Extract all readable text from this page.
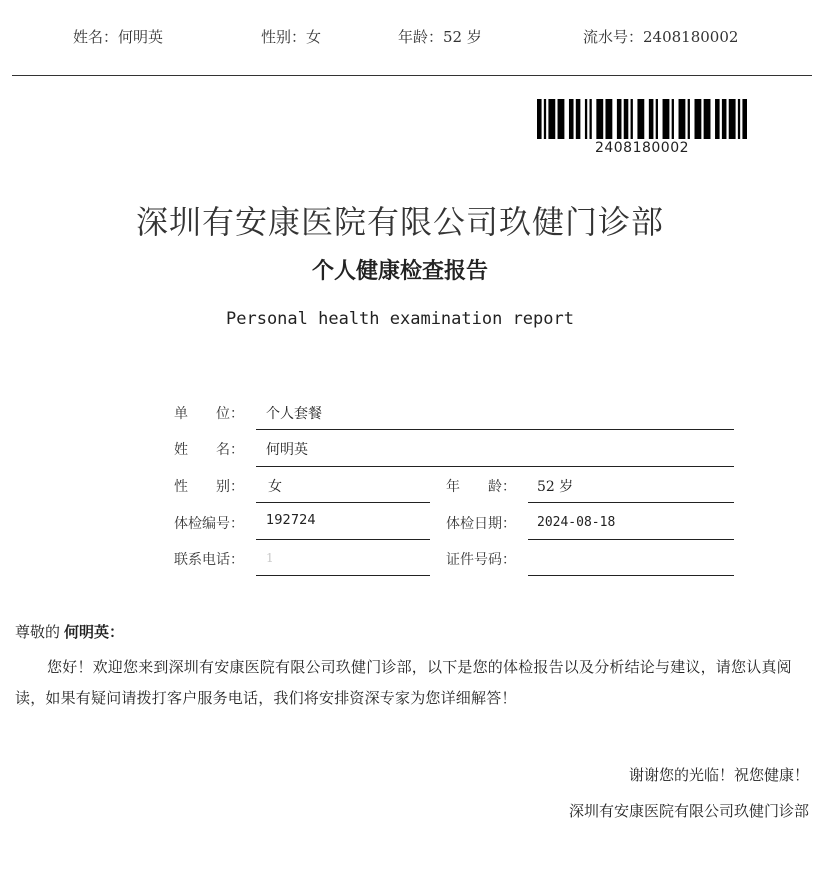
姓名：何明英	性别：女	年龄：52 岁	流水号：2408180002
2408180002
深圳有安康医院有限公司玖健门诊部
个人健康检查报告
Personal health examination report
单　　位： 个人套餐
姓　　名： 何明英
性　　别： 女	年　　龄： 52 岁
体检编号： 192724	体检日期： 2024-08-18
联系电话： 1	证件号码：
尊敬的 何明英：
您好！欢迎您来到深圳有安康医院有限公司玖健门诊部，以下是您的体检报告以及分析结论与建议，请您认真阅读，如果有疑问请拨打客户服务电话，我们将安排资深专家为您详细解答！
谢谢您的光临！祝您健康！
深圳有安康医院有限公司玖健门诊部
